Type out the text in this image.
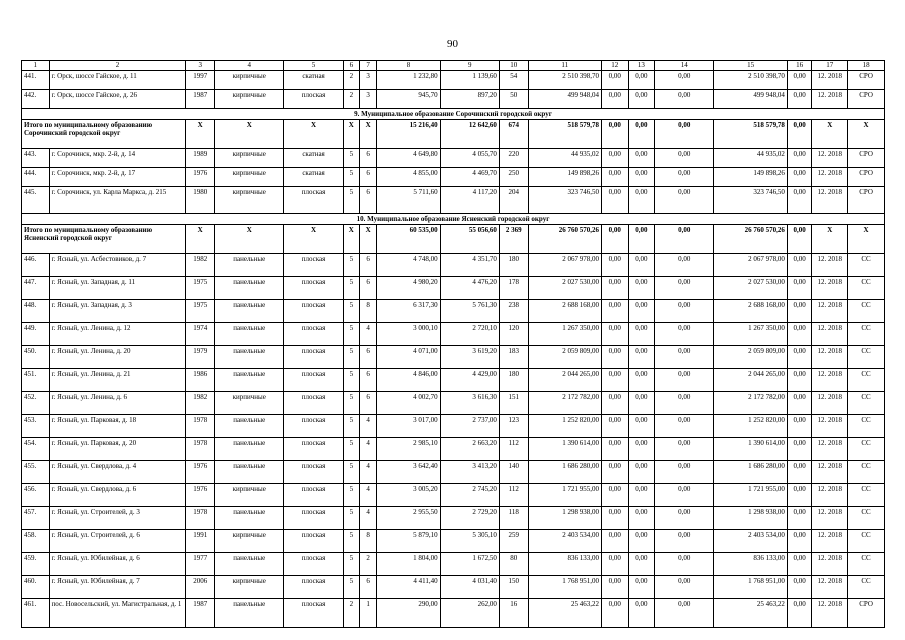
90
1	2	3	4	5	6	7	8	9	10	11	12	13	14	15	16	17	18
441.	г. Орск, шоссе Гайское, д. 11	1997	кирпичные	скатная	2	3	1 232,80	1 139,60	54	2 510 398,70	0,00	0,00	0,00	2 510 398,70	0,00	12. 2018	СРО
442.	г. Орск, шоссе Гайское, д. 26	1987	кирпичные	плоская	2	3	945,70	897,20	50	499 948,04	0,00	0,00	0,00	499 948,04	0,00	12. 2018	СРО
9. Муниципальное образование Сорочинский городской округ																	
Итого по муниципальному образованию Сорочинский городской округ		X	X	X	X	X	15 216,40	12 642,60	674	518 579,78	0,00	0,00	0,00	518 579,78	0,00	X	X
443.	г. Сорочинск, мкр. 2-й, д. 14	1989	кирпичные	скатная	5	6	4 649,80	4 055,70	220	44 935,02	0,00	0,00	0,00	44 935,02	0,00	12. 2018	СРО
444.	г. Сорочинск, мкр. 2-й, д. 17	1976	кирпичные	скатная	5	6	4 855,00	4 469,70	250	149 898,26	0,00	0,00	0,00	149 898,26	0,00	12. 2018	СРО
445.	г. Сорочинск, ул. Карла Маркса, д. 215	1980	кирпичные	плоская	5	6	5 711,60	4 117,20	204	323 746,50	0,00	0,00	0,00	323 746,50	0,00	12. 2018	СРО
10. Муниципальное образование Ясненский городской округ																	
Итого по муниципальному образованию Ясненский городской округ		X	X	X	X	X	60 535,00	55 056,60	2 369	26 760 570,26	0,00	0,00	0,00	26 760 570,26	0,00	X	X
446.	г. Ясный, ул. Асбестовиков, д. 7	1982	панельные	плоская	5	6	4 748,00	4 351,70	180	2 067 978,00	0,00	0,00	0,00	2 067 978,00	0,00	12. 2018	СС
447.	г. Ясный, ул. Западная, д. 11	1975	панельные	плоская	5	6	4 980,20	4 476,20	178	2 027 530,00	0,00	0,00	0,00	2 027 530,00	0,00	12. 2018	СС
448.	г. Ясный, ул. Западная, д. 3	1975	панельные	плоская	5	8	6 317,30	5 761,30	238	2 688 168,00	0,00	0,00	0,00	2 688 168,00	0,00	12. 2018	СС
449.	г. Ясный, ул. Ленина, д. 12	1974	панельные	плоская	5	4	3 000,10	2 720,10	120	1 267 350,00	0,00	0,00	0,00	1 267 350,00	0,00	12. 2018	СС
450.	г. Ясный, ул. Ленина, д. 20	1979	панельные	плоская	5	6	4 071,00	3 619,20	183	2 059 809,00	0,00	0,00	0,00	2 059 809,00	0,00	12. 2018	СС
451.	г. Ясный, ул. Ленина, д. 21	1986	панельные	плоская	5	6	4 846,00	4 429,00	180	2 044 265,00	0,00	0,00	0,00	2 044 265,00	0,00	12. 2018	СС
452.	г. Ясный, ул. Ленина, д. 6	1982	кирпичные	плоская	5	6	4 002,70	3 616,30	151	2 172 782,00	0,00	0,00	0,00	2 172 782,00	0,00	12. 2018	СС
453.	г. Ясный, ул. Парковая, д. 18	1978	панельные	плоская	5	4	3 017,00	2 737,00	123	1 252 820,00	0,00	0,00	0,00	1 252 820,00	0,00	12. 2018	СС
454.	г. Ясный, ул. Парковая, д. 20	1978	панельные	плоская	5	4	2 985,10	2 663,20	112	1 390 614,00	0,00	0,00	0,00	1 390 614,00	0,00	12. 2018	СС
455.	г. Ясный, ул. Свердлова, д. 4	1976	панельные	плоская	5	4	3 642,40	3 413,20	140	1 686 280,00	0,00	0,00	0,00	1 686 280,00	0,00	12. 2018	СС
456.	г. Ясный, ул. Свердлова, д. 6	1976	кирпичные	плоская	5	4	3 005,20	2 745,20	112	1 721 955,00	0,00	0,00	0,00	1 721 955,00	0,00	12. 2018	СС
457.	г. Ясный, ул. Строителей, д. 3	1978	панельные	плоская	5	4	2 955,50	2 729,20	118	1 298 938,00	0,00	0,00	0,00	1 298 938,00	0,00	12. 2018	СС
458.	г. Ясный, ул. Строителей, д. 6	1991	кирпичные	плоская	5	8	5 879,10	5 305,10	259	2 403 534,00	0,00	0,00	0,00	2 403 534,00	0,00	12. 2018	СС
459.	г. Ясный, ул. Юбилейная, д. 6	1977	панельные	плоская	5	2	1 804,00	1 672,50	80	836 133,00	0,00	0,00	0,00	836 133,00	0,00	12. 2018	СС
460.	г. Ясный, ул. Юбилейная, д. 7	2006	кирпичные	плоская	5	6	4 411,40	4 031,40	150	1 768 951,00	0,00	0,00	0,00	1 768 951,00	0,00	12. 2018	СС
461.	пос. Новосельский, ул. Магистральная, д. 1	1987	панельные	плоская	2	1	290,00	262,00	16	25 463,22	0,00	0,00	0,00	25 463,22	0,00	12. 2018	СРО
